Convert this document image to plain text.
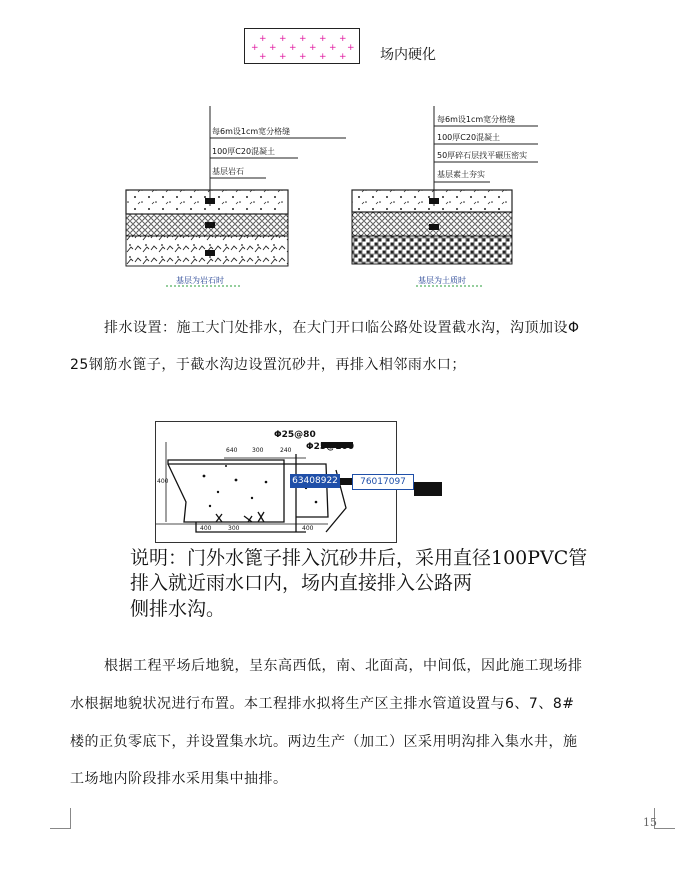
+ + + + +
+ + + + + +
+ + + + + 场内硬化
每6m设1cm宽分格缝
100厚C20混凝土
基层岩石
基层为岩石时
每6m设1cm宽分格缝
100厚C20混凝土
50厚碎石层找平碾压密实
基层素土夯实
基层为土质时
排水设置：施工大门处排水，在大门开口临公路处设置截水沟，沟顶加设Φ
25钢筋水篦子，于截水沟边设置沉砂井，再排入相邻雨水口；
Φ25@80
Φ25@100
640 300	240
400
400	300	400
63408922	76017097
说明：门外水篦子排入沉砂井后，采用直径100PVC管
排入就近雨水口内，场内直接排入公路两
侧排水沟。
根据工程平场后地貌，呈东高西低，南、北面高，中间低，因此施工现场排
水根据地貌状况进行布置。本工程排水拟将生产区主排水管道设置与6、7、8#
楼的正负零底下，并设置集水坑。两边生产（加工）区采用明沟排入集水井，施
工场地内阶段排水采用集中抽排。
15
